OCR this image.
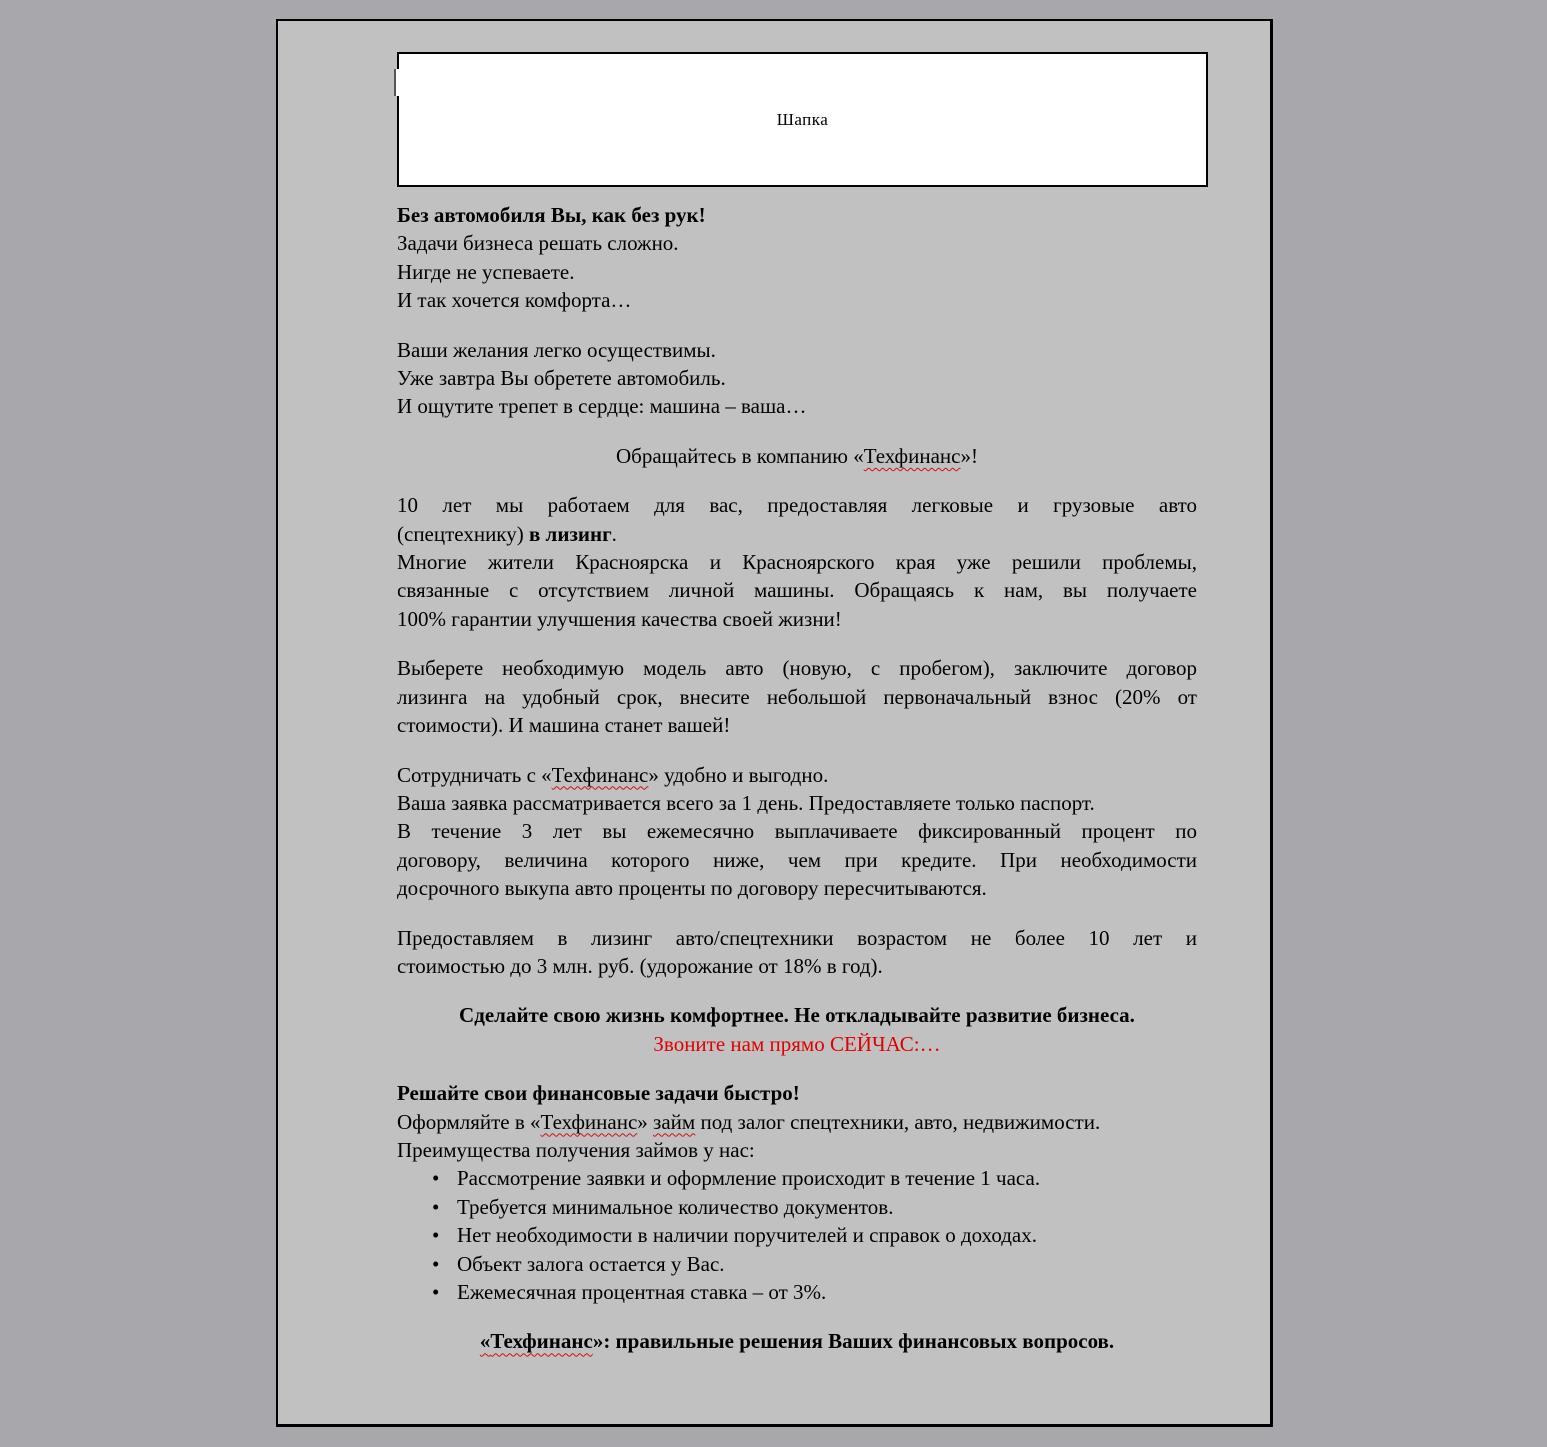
Шапка
Без автомобиля Вы, как без рук!
Задачи бизнеса решать сложно.
Нигде не успеваете.
И так хочется комфорта…
Ваши желания легко осуществимы.
Уже завтра Вы обретете автомобиль.
И ощутите трепет в сердце: машина – ваша…
Обращайтесь в компанию «Техфинанс»!
10 лет мы работаем для вас, предоставляя легковые и грузовые авто
(спецтехнику) в лизинг.
Многие жители Красноярска и Красноярского края уже решили проблемы,
связанные с отсутствием личной машины. Обращаясь к нам, вы получаете
100% гарантии улучшения качества своей жизни!
Выберете необходимую модель авто (новую, с пробегом), заключите договор
лизинга на удобный срок, внесите небольшой первоначальный взнос (20% от
стоимости). И машина станет вашей!
Сотрудничать с «Техфинанс» удобно и выгодно.
Ваша заявка рассматривается всего за 1 день. Предоставляете только паспорт.
В течение 3 лет вы ежемесячно выплачиваете фиксированный процент по
договору, величина которого ниже, чем при кредите. При необходимости
досрочного выкупа авто проценты по договору пересчитываются.
Предоставляем в лизинг авто/спецтехники возрастом не более 10 лет и
стоимостью до 3 млн. руб. (удорожание от 18% в год).
Сделайте свою жизнь комфортнее. Не откладывайте развитие бизнеса.
Звоните нам прямо СЕЙЧАС:…
Решайте свои финансовые задачи быстро!
Оформляйте в «Техфинанс» займ под залог спецтехники, авто, недвижимости.
Преимущества получения займов у нас:
• Рассмотрение заявки и оформление происходит в течение 1 часа.
• Требуется минимальное количество документов.
• Нет необходимости в наличии поручителей и справок о доходах.
• Объект залога остается у Вас.
• Ежемесячная процентная ставка – от 3%.
«Техфинанс»: правильные решения Ваших финансовых вопросов.
